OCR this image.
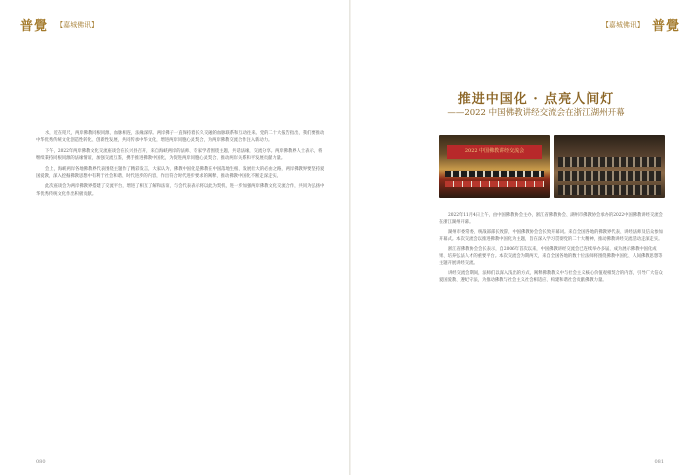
普覺 【嘉城佛讯】

水，近在咫尺，两岸佛教同根同源，血脉相连，法缘深厚。两岸佛子一直保持着长久交融的血脉联系和互动往来。党的二十大报告指出，我们要推动中华优秀传统文化创造性转化、创新性发展，共同传承中华文化，增进两岸同胞心灵契合，为两岸佛教交流合作注入新动力。

下午，2022年两岸佛教文化交流座谈会在长兴县召开，来自海峡两岸的法师、专家学者围绕主题，共话法缘，交流分享。两岸佛教界人士表示，将继续秉持同根同源的法缘情谊，加强交流互鉴，携手推进佛教中国化，为促进两岸同胞心灵契合、推动两岸关系和平发展贡献力量。

会上，海峡两岸各地佛教界代表围绕主题作了精彩发言，大家认为，佛教中国化是佛教在中国落地生根、发展壮大的必由之路，两岸佛教界要坚持爱国爱教，深入挖掘佛教思想中有利于社会和谐、时代进步的内容，作出符合时代进步要求的阐释，推动佛教中国化不断走深走实。

此次座谈会为两岸佛教界搭建了交流平台，增进了相互了解和法谊，与会代表表示将以此为契机，进一步加强两岸佛教文化交流合作，共同为弘扬中华优秀传统文化作出积极贡献。

080
【嘉城佛讯】 普覺
推进中国化 · 点亮人间灯
——2022 中国佛教讲经交流会在浙江湖州开幕
2022 中国佛教讲经交流会

2022年11月4日上午，由中国佛教协会主办，浙江省佛教协会、湖州市佛教协会承办的2022中国佛教讲经交流会在浙江湖州开幕。

湖州市委常委、统战部部长致辞，中国佛教协会会长致开幕词。来自全国各地的佛教界代表、讲经法师及信众参加开幕式。本次交流会以推进佛教中国化为主题，旨在深入学习贯彻党的二十大精神，推动佛教讲经交流活动走深走实。

浙江省佛教协会会长表示，自2006年首次以来，中国佛教讲经交流会已连续举办多届，成为展示佛教中国化成果、培养弘法人才的重要平台。本次交流会为期两天，来自全国各地的数十位法师将围绕佛教中国化、人间佛教思想等主题开展讲经交流。

讲经交流会期间，法师们以深入浅出的方式，阐释佛教教义中与社会主义核心价值观相契合的内容，引导广大信众爱国爱教、遵纪守法，为推动佛教与社会主义社会相适应、构建和谐社会贡献佛教力量。

081
